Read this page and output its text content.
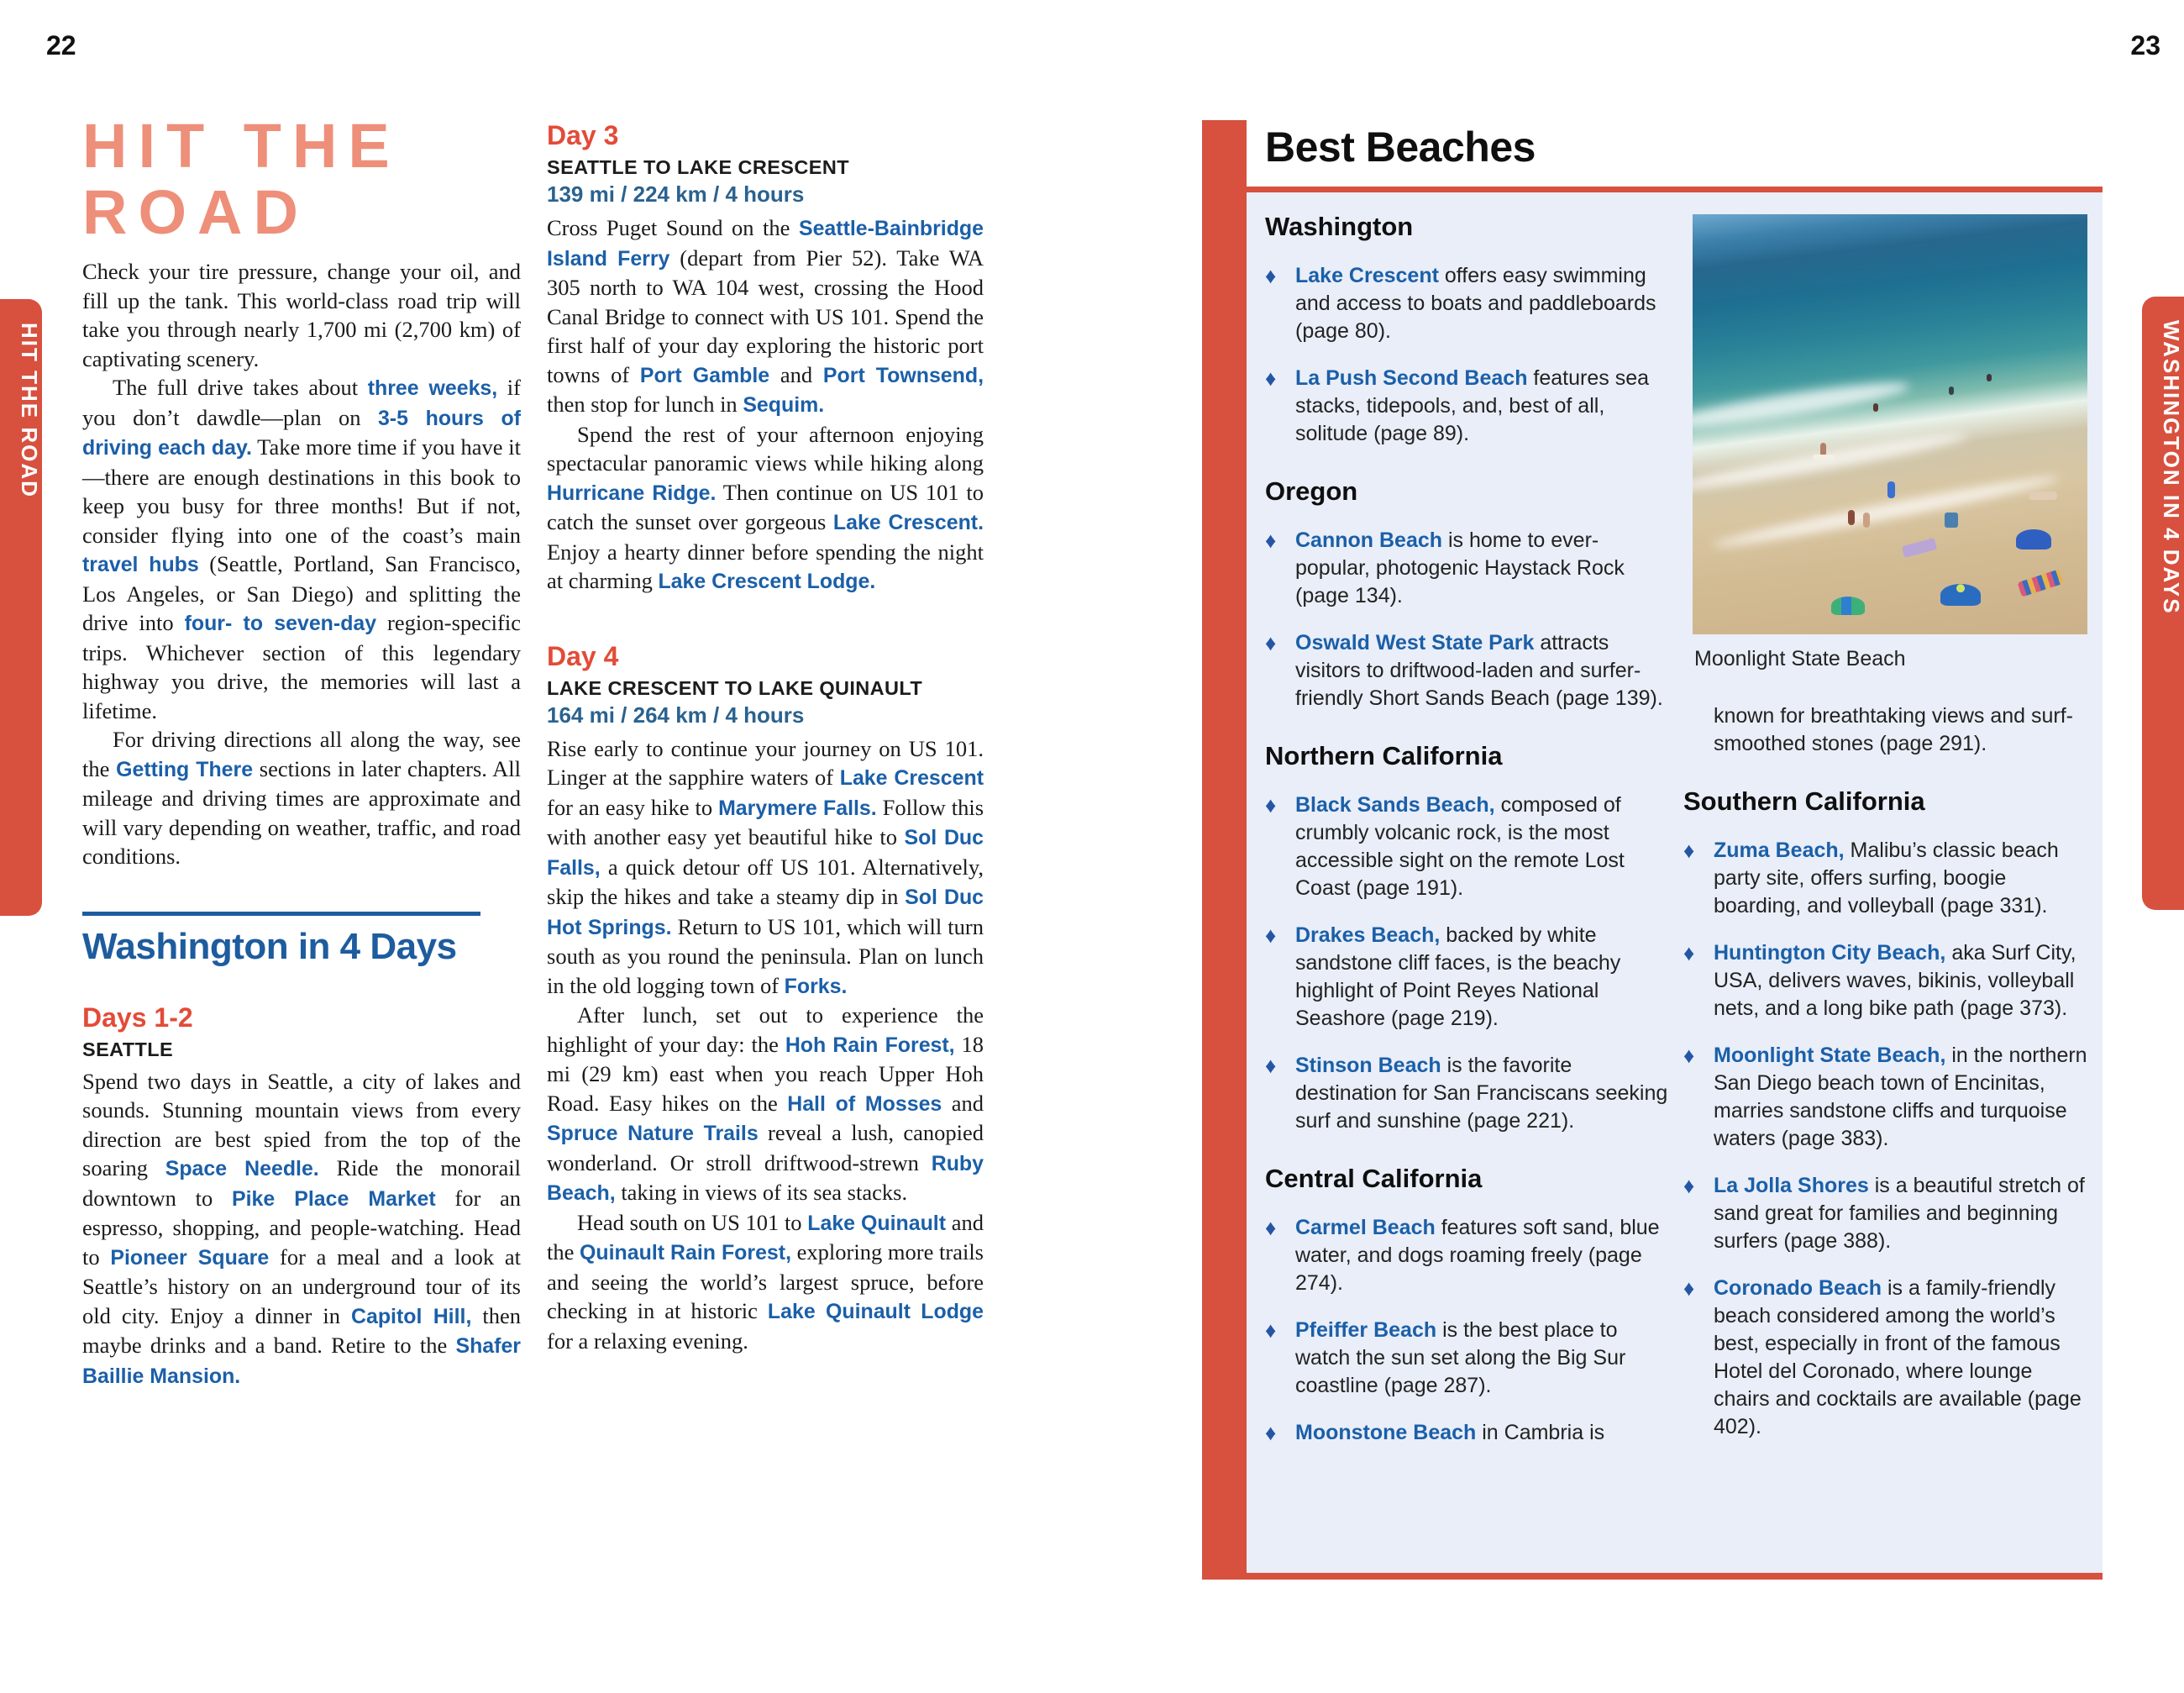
22	23
HIT THE ROAD	WASHINGTON IN 4 DAYS
HIT THE
ROAD
Check your tire pressure, change your oil, and fill up the tank. This world-class road trip will take you through nearly 1,700 mi (2,700 km) of captivating scenery.
The full drive takes about three weeks, if you don’t dawdle—plan on 3-5 hours of driving each day. Take more time if you have it—there are enough destinations in this book to keep you busy for three months! But if not, consider flying into one of the coast’s main travel hubs (Seattle, Portland, San Francisco, Los Angeles, or San Diego) and splitting the drive into four- to seven-day region-specific trips. Whichever section of this legendary highway you drive, the memories will last a lifetime.
For driving directions all along the way, see the Getting There sections in later chapters. All mileage and driving times are approximate and will vary depending on weather, traffic, and road conditions.
Washington in 4 Days
Days 1-2
SEATTLE
Spend two days in Seattle, a city of lakes and sounds. Stunning mountain views from every direction are best spied from the top of the soaring Space Needle. Ride the monorail downtown to Pike Place Market for an espresso, shopping, and people-watching. Head to Pioneer Square for a meal and a look at Seattle’s history on an underground tour of its old city. Enjoy a dinner in Capitol Hill, then maybe drinks and a band. Retire to the Shafer Baillie Mansion.
Day 3
SEATTLE TO LAKE CRESCENT
139 mi / 224 km / 4 hours
Cross Puget Sound on the Seattle-Bainbridge Island Ferry (depart from Pier 52). Take WA 305 north to WA 104 west, crossing the Hood Canal Bridge to connect with US 101. Spend the first half of your day exploring the historic port towns of Port Gamble and Port Townsend, then stop for lunch in Sequim.
Spend the rest of your afternoon enjoying spectacular panoramic views while hiking along Hurricane Ridge. Then continue on US 101 to catch the sunset over gorgeous Lake Crescent. Enjoy a hearty dinner before spending the night at charming Lake Crescent Lodge.
Day 4
LAKE CRESCENT TO LAKE QUINAULT
164 mi / 264 km / 4 hours
Rise early to continue your journey on US 101. Linger at the sapphire waters of Lake Crescent for an easy hike to Marymere Falls. Follow this with another easy yet beautiful hike to Sol Duc Falls, a quick detour off US 101. Alternatively, skip the hikes and take a steamy dip in Sol Duc Hot Springs. Return to US 101, which will turn south as you round the peninsula. Plan on lunch in the old logging town of Forks.
After lunch, set out to experience the highlight of your day: the Hoh Rain Forest, 18 mi (29 km) east when you reach Upper Hoh Road. Easy hikes on the Hall of Mosses and Spruce Nature Trails reveal a lush, canopied wonderland. Or stroll driftwood-strewn Ruby Beach, taking in views of its sea stacks.
Head south on US 101 to Lake Quinault and the Quinault Rain Forest, exploring more trails and seeing the world’s largest spruce, before checking in at historic Lake Quinault Lodge for a relaxing evening.
Best Beaches
Washington
♦ Lake Crescent offers easy swimming and access to boats and paddleboards (page 80).
♦ La Push Second Beach features sea stacks, tidepools, and, best of all, solitude (page 89).
Oregon
♦ Cannon Beach is home to ever-popular, photogenic Haystack Rock (page 134).
♦ Oswald West State Park attracts visitors to driftwood-laden and surfer-friendly Short Sands Beach (page 139).
Northern California
♦ Black Sands Beach, composed of crumbly volcanic rock, is the most accessible sight on the remote Lost Coast (page 191).
♦ Drakes Beach, backed by white sandstone cliff faces, is the beachy highlight of Point Reyes National Seashore (page 219).
♦ Stinson Beach is the favorite destination for San Franciscans seeking surf and sunshine (page 221).
Central California
♦ Carmel Beach features soft sand, blue water, and dogs roaming freely (page 274).
♦ Pfeiffer Beach is the best place to watch the sun set along the Big Sur coastline (page 287).
♦ Moonstone Beach in Cambria is
Moonlight State Beach
known for breathtaking views and surf-smoothed stones (page 291).
Southern California
♦ Zuma Beach, Malibu’s classic beach party site, offers surfing, boogie boarding, and volleyball (page 331).
♦ Huntington City Beach, aka Surf City, USA, delivers waves, bikinis, volleyball nets, and a long bike path (page 373).
♦ Moonlight State Beach, in the northern San Diego beach town of Encinitas, marries sandstone cliffs and turquoise waters (page 383).
♦ La Jolla Shores is a beautiful stretch of sand great for families and beginning surfers (page 388).
♦ Coronado Beach is a family-friendly beach considered among the world’s best, especially in front of the famous Hotel del Coronado, where lounge chairs and cocktails are available (page 402).
